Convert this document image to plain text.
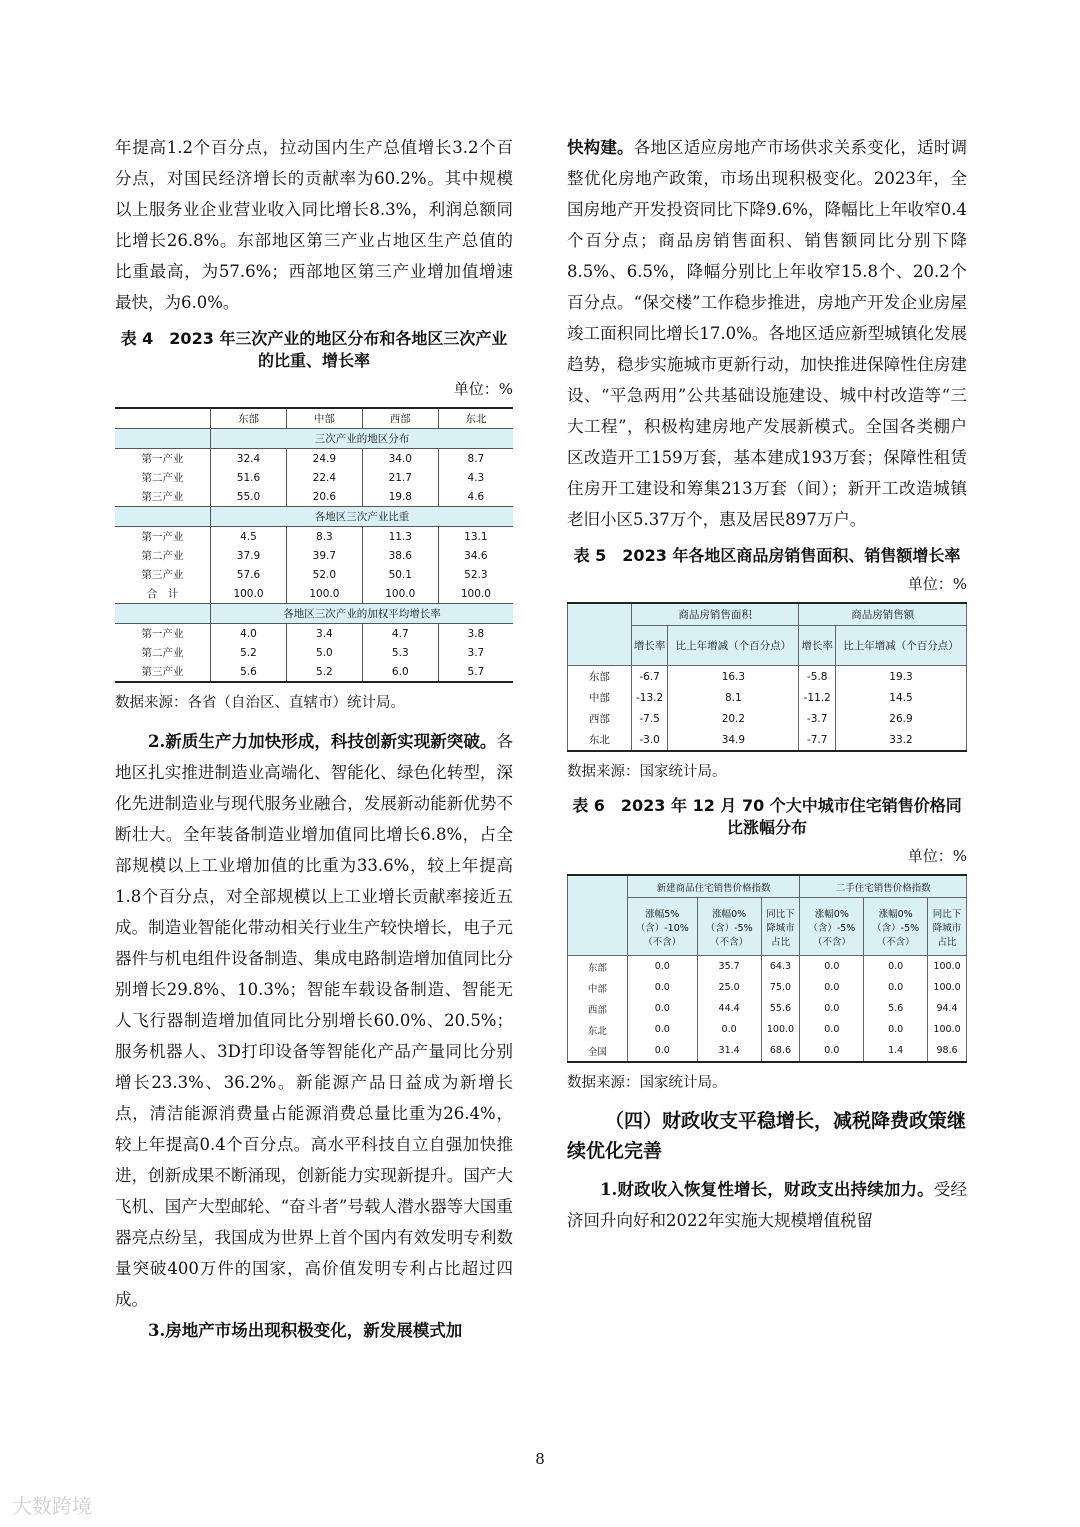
年提高1.2个百分点，拉动国内生产总值增长3.2个百分点，对国民经济增长的贡献率为60.2%。其中规模以上服务业企业营业收入同比增长8.3%，利润总额同比增长26.8%。东部地区第三产业占地区生产总值的比重最高，为57.6%；西部地区第三产业增加值增速最快，为6.0%。

表 4　2023 年三次产业的地区分布和各地区三次产业的比重、增长率
单位：%
	东部	中部	西部	东北
	三次产业的地区分布			
第一产业	32.4	24.9	34.0	8.7
第二产业	51.6	22.4	21.7	4.3
第三产业	55.0	20.6	19.8	4.6
	各地区三次产业比重			
第一产业	4.5	8.3	11.3	13.1
第二产业	37.9	39.7	38.6	34.6
第三产业	57.6	52.0	50.1	52.3
合　计	100.0	100.0	100.0	100.0
	各地区三次产业的加权平均增长率			
第一产业	4.0	3.4	4.7	3.8
第二产业	5.2	5.0	5.3	3.7
第三产业	5.6	5.2	6.0	5.7
数据来源：各省（自治区、直辖市）统计局。

2.新质生产力加快形成，科技创新实现新突破。各地区扎实推进制造业高端化、智能化、绿色化转型，深化先进制造业与现代服务业融合，发展新动能新优势不断壮大。全年装备制造业增加值同比增长6.8%，占全部规模以上工业增加值的比重为33.6%，较上年提高1.8个百分点，对全部规模以上工业增长贡献率接近五成。制造业智能化带动相关行业生产较快增长，电子元器件与机电组件设备制造、集成电路制造增加值同比分别增长29.8%、10.3%；智能车载设备制造、智能无人飞行器制造增加值同比分别增长60.0%、20.5%；服务机器人、3D打印设备等智能化产品产量同比分别增长23.3%、36.2%。新能源产品日益成为新增长点，清洁能源消费量占能源消费总量比重为26.4%，较上年提高0.4个百分点。高水平科技自立自强加快推进，创新成果不断涌现，创新能力实现新提升。国产大飞机、国产大型邮轮、“奋斗者”号载人潜水器等大国重器亮点纷呈，我国成为世界上首个国内有效发明专利数量突破400万件的国家，高价值发明专利占比超过四成。

3.房地产市场出现积极变化，新发展模式加

快构建。各地区适应房地产市场供求关系变化，适时调整优化房地产政策，市场出现积极变化。2023年，全国房地产开发投资同比下降9.6%，降幅比上年收窄0.4个百分点；商品房销售面积、销售额同比分别下降8.5%、6.5%，降幅分别比上年收窄15.8个、20.2个百分点。“保交楼”工作稳步推进，房地产开发企业房屋竣工面积同比增长17.0%。各地区适应新型城镇化发展趋势，稳步实施城市更新行动，加快推进保障性住房建设、“平急两用”公共基础设施建设、城中村改造等“三大工程”，积极构建房地产发展新模式。全国各类棚户区改造开工159万套，基本建成193万套；保障性租赁住房开工建设和筹集213万套（间）；新开工改造城镇老旧小区5.37万个，惠及居民897万户。

表 5　2023 年各地区商品房销售面积、销售额增长率
单位：%
	商品房销售面积		商品房销售额	
	增长率	比上年增减（个百分点）	增长率	比上年增减（个百分点）
东部	-6.7	16.3	-5.8	19.3
中部	-13.2	8.1	-11.2	14.5
西部	-7.5	20.2	-3.7	26.9
东北	-3.0	34.9	-7.7	33.2
数据来源：国家统计局。
表 6　2023 年 12 月 70 个大中城市住宅销售价格同比涨幅分布
单位：%
	新建商品住宅销售价格指数			二手住宅销售价格指数		
	涨幅5%（含）-10%（不含）	涨幅0%（含）-5%（不含）	同比下降城市占比	涨幅0%（含）-5%（不含）	涨幅0%（含）-5%（不含）	同比下降城市占比
东部	0.0	35.7	64.3	0.0	0.0	100.0
中部	0.0	25.0	75.0	0.0	0.0	100.0
西部	0.0	44.4	55.6	0.0	5.6	94.4
东北	0.0	0.0	100.0	0.0	0.0	100.0
全国	0.0	31.4	68.6	0.0	1.4	98.6
数据来源：国家统计局。
（四）财政收支平稳增长，减税降费政策继续优化完善

1.财政收入恢复性增长，财政支出持续加力。受经济回升向好和2022年实施大规模增值税留

8
大数跨境
